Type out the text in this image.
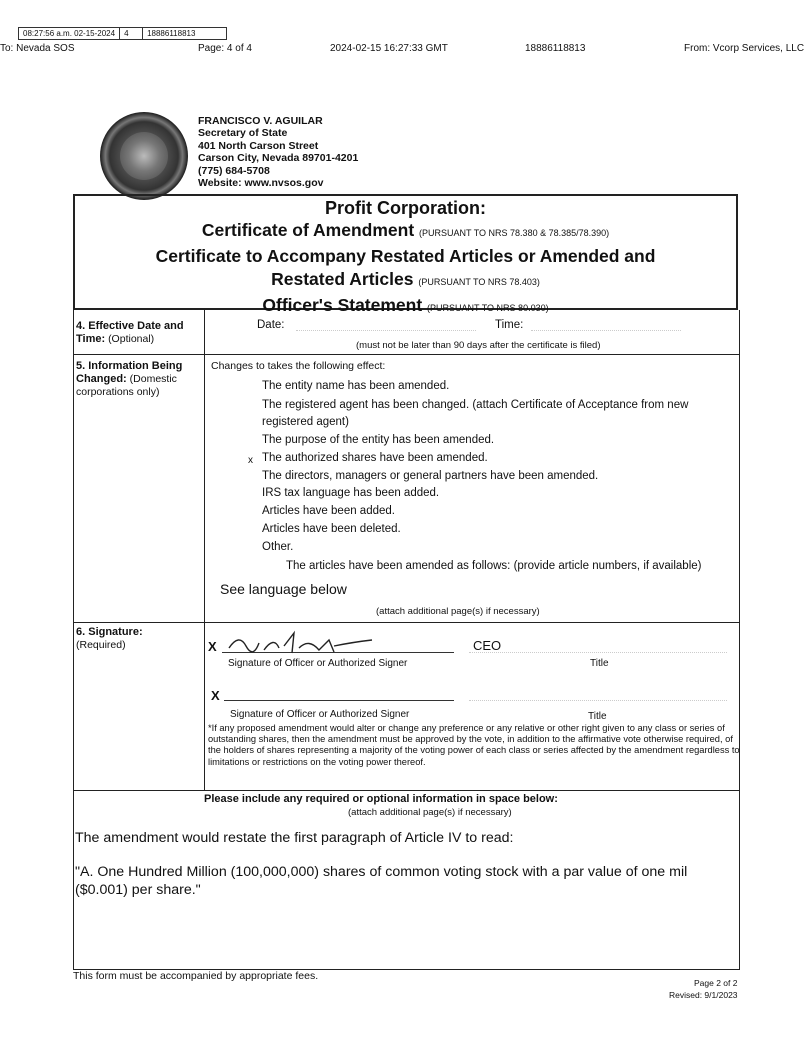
08:27:56 a.m. 02-15-2024	4	18886118813
To: Nevada SOS	Page: 4 of 4	2024-02-15 16:27:33 GMT	18886118813	From: Vcorp Services, LLC
FRANCISCO V. AGUILAR
Secretary of State
401 North Carson Street
Carson City, Nevada 89701-4201
(775) 684-5708
Website: www.nvsos.gov
Profit Corporation:
Certificate of Amendment (PURSUANT TO NRS 78.380 & 78.385/78.390)
Certificate to Accompany Restated Articles or Amended and
Restated Articles (PURSUANT TO NRS 78.403)
Officer's Statement (PURSUANT TO NRS 80.030)
4. Effective Date and Time: (Optional)
Date:	Time:
(must not be later than 90 days after the certificate is filed)
5. Information Being Changed: (Domestic corporations only)
Changes to takes the following effect:
The entity name has been amended.
The registered agent has been changed. (attach Certificate of Acceptance from new
registered agent)
The purpose of the entity has been amended.
x The authorized shares have been amended.
The directors, managers or general partners have been amended.
IRS tax language has been added.
Articles have been added.
Articles have been deleted.
Other.
The articles have been amended as follows: (provide article numbers, if available)
See language below
(attach additional page(s) if necessary)
6. Signature:
(Required)	X
Signature of Officer or Authorized Signer
CEO
Title
X
Signature of Officer or Authorized Signer	Title
*If any proposed amendment would alter or change any preference or any relative or other right given to any class or series of outstanding shares, then the amendment must be approved by the vote, in addition to the affirmative vote otherwise required, of the holders of shares representing a majority of the voting power of each class or series affected by the amendment regardless to limitations or restrictions on the voting power thereof.
Please include any required or optional information in space below:
(attach additional page(s) if necessary)
The amendment would restate the first paragraph of Article IV to read:
"A. One Hundred Million (100,000,000) shares of common voting stock with a par value of one mil
($0.001) per share."
This form must be accompanied by appropriate fees.
Page 2 of 2
Revised: 9/1/2023
